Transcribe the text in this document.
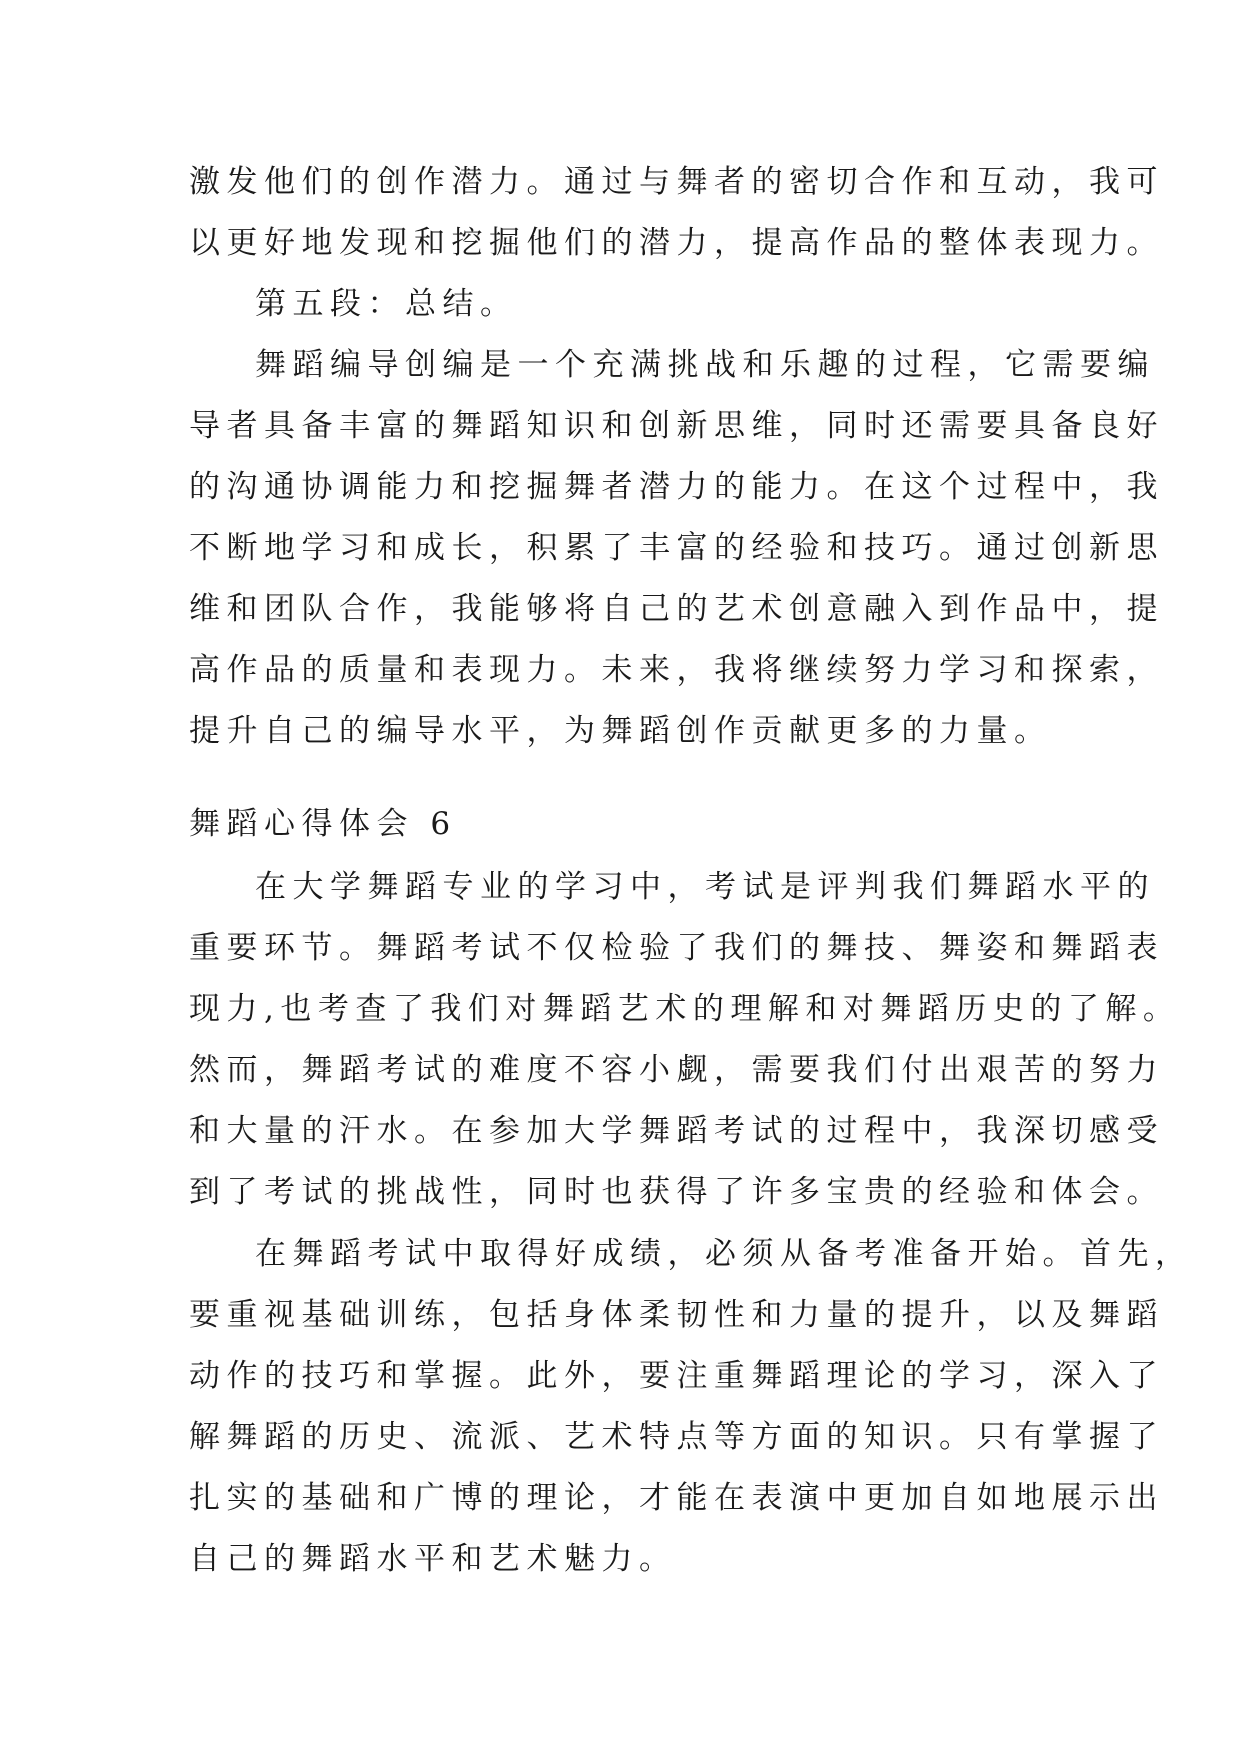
激发他们的创作潜力。通过与舞者的密切合作和互动，我可
以更好地发现和挖掘他们的潜力，提高作品的整体表现力。
第五段：总结。
舞蹈编导创编是一个充满挑战和乐趣的过程，它需要编
导者具备丰富的舞蹈知识和创新思维，同时还需要具备良好
的沟通协调能力和挖掘舞者潜力的能力。在这个过程中，我
不断地学习和成长，积累了丰富的经验和技巧。通过创新思
维和团队合作，我能够将自己的艺术创意融入到作品中，提
高作品的质量和表现力。未来，我将继续努力学习和探索，
提升自己的编导水平，为舞蹈创作贡献更多的力量。
舞蹈心得体会 6
在大学舞蹈专业的学习中，考试是评判我们舞蹈水平的
重要环节。舞蹈考试不仅检验了我们的舞技、舞姿和舞蹈表
现力,也考查了我们对舞蹈艺术的理解和对舞蹈历史的了解。
然而，舞蹈考试的难度不容小觑，需要我们付出艰苦的努力
和大量的汗水。在参加大学舞蹈考试的过程中，我深切感受
到了考试的挑战性，同时也获得了许多宝贵的经验和体会。
在舞蹈考试中取得好成绩，必须从备考准备开始。首先，
要重视基础训练，包括身体柔韧性和力量的提升，以及舞蹈
动作的技巧和掌握。此外，要注重舞蹈理论的学习，深入了
解舞蹈的历史、流派、艺术特点等方面的知识。只有掌握了
扎实的基础和广博的理论，才能在表演中更加自如地展示出
自己的舞蹈水平和艺术魅力。
